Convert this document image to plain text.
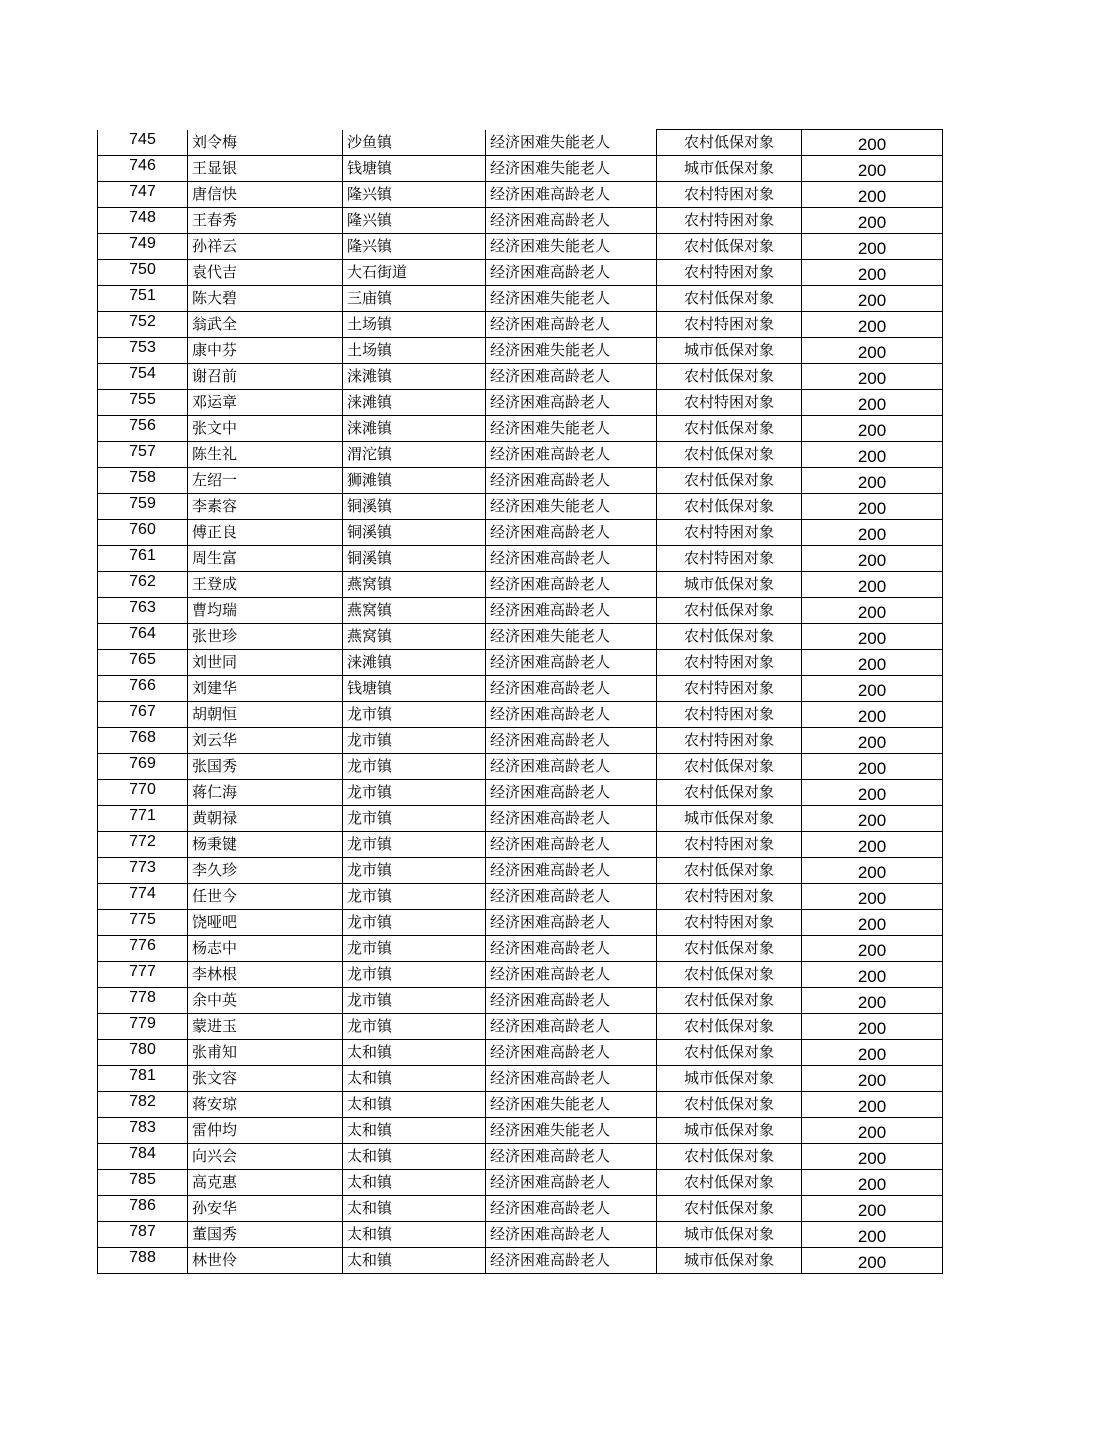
745	刘令梅	沙鱼镇	经济困难失能老人	农村低保对象	200

746	王显银	钱塘镇	经济困难失能老人	城市低保对象	200

747	唐信快	隆兴镇	经济困难高龄老人	农村特困对象	200

748	王春秀	隆兴镇	经济困难高龄老人	农村特困对象	200

749	孙祥云	隆兴镇	经济困难失能老人	农村低保对象	200

750	袁代吉	大石街道	经济困难高龄老人	农村特困对象	200

751	陈大碧	三庙镇	经济困难失能老人	农村低保对象	200

752	翁武全	土场镇	经济困难高龄老人	农村特困对象	200

753	康中芬	土场镇	经济困难失能老人	城市低保对象	200

754	谢召前	涞滩镇	经济困难高龄老人	农村低保对象	200

755	邓运章	涞滩镇	经济困难高龄老人	农村特困对象	200

756	张文中	涞滩镇	经济困难失能老人	农村低保对象	200

757	陈生礼	渭沱镇	经济困难高龄老人	农村低保对象	200

758	左绍一	狮滩镇	经济困难高龄老人	农村低保对象	200

759	李素容	铜溪镇	经济困难失能老人	农村低保对象	200

760	傅正良	铜溪镇	经济困难高龄老人	农村特困对象	200

761	周生富	铜溪镇	经济困难高龄老人	农村特困对象	200

762	王登成	燕窝镇	经济困难高龄老人	城市低保对象	200

763	曹均瑞	燕窝镇	经济困难高龄老人	农村低保对象	200

764	张世珍	燕窝镇	经济困难失能老人	农村低保对象	200

765	刘世同	涞滩镇	经济困难高龄老人	农村特困对象	200

766	刘建华	钱塘镇	经济困难高龄老人	农村特困对象	200

767	胡朝恒	龙市镇	经济困难高龄老人	农村特困对象	200

768	刘云华	龙市镇	经济困难高龄老人	农村特困对象	200

769	张国秀	龙市镇	经济困难高龄老人	农村低保对象	200

770	蒋仁海	龙市镇	经济困难高龄老人	农村低保对象	200

771	黄朝禄	龙市镇	经济困难高龄老人	城市低保对象	200

772	杨秉键	龙市镇	经济困难高龄老人	农村特困对象	200

773	李久珍	龙市镇	经济困难高龄老人	农村低保对象	200

774	任世今	龙市镇	经济困难高龄老人	农村特困对象	200

775	饶哑吧	龙市镇	经济困难高龄老人	农村特困对象	200

776	杨志中	龙市镇	经济困难高龄老人	农村低保对象	200

777	李林根	龙市镇	经济困难高龄老人	农村低保对象	200

778	余中英	龙市镇	经济困难高龄老人	农村低保对象	200

779	蒙进玉	龙市镇	经济困难高龄老人	农村低保对象	200

780	张甫知	太和镇	经济困难高龄老人	农村低保对象	200

781	张文容	太和镇	经济困难高龄老人	城市低保对象	200

782	蒋安琼	太和镇	经济困难失能老人	农村低保对象	200

783	雷仲均	太和镇	经济困难失能老人	城市低保对象	200

784	向兴会	太和镇	经济困难高龄老人	农村低保对象	200

785	高克惠	太和镇	经济困难高龄老人	农村低保对象	200

786	孙安华	太和镇	经济困难高龄老人	农村低保对象	200

787	董国秀	太和镇	经济困难高龄老人	城市低保对象	200

788	林世伶	太和镇	经济困难高龄老人	城市低保对象	200
